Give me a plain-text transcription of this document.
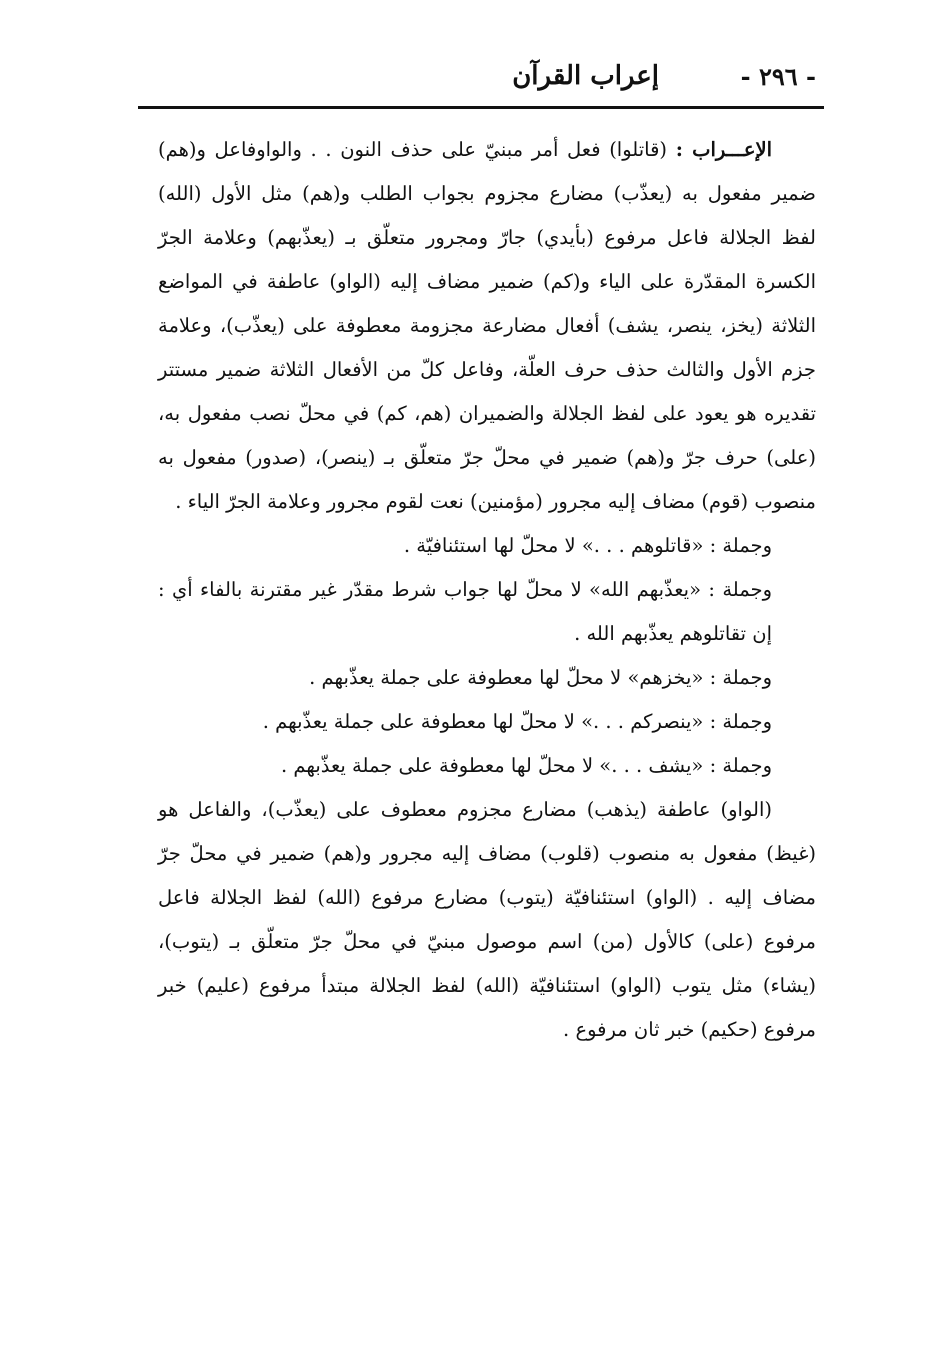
- ٢٩٦ -
إعراب القرآن

الإعـــراب : (قاتلوا) فعل أمر مبنيّ على حذف النون . . والواوفاعل و(هم) ضمير مفعول به (يعذّب) مضارع مجزوم بجواب الطلب و(هم) مثل الأول (الله) لفظ الجلالة فاعل مرفوع (بأيدي) جارّ ومجرور متعلّق بـ (يعذّبهم) وعلامة الجرّ الكسرة المقدّرة على الياء و(كم) ضمير مضاف إليه (الواو) عاطفة في المواضع الثلاثة (يخز، ينصر، يشف) أفعال مضارعة مجزومة معطوفة على (يعذّب)، وعلامة جزم الأول والثالث حذف حرف العلّة، وفاعل كلّ من الأفعال الثلاثة ضمير مستتر تقديره هو يعود على لفظ الجلالة والضميران (هم، كم) في محلّ نصب مفعول به، (على) حرف جرّ و(هم) ضمير في محلّ جرّ متعلّق بـ (ينصر)، (صدور) مفعول به منصوب (قوم) مضاف إليه مجرور (مؤمنين) نعت لقوم مجرور وعلامة الجرّ الياء .

وجملة : «قاتلوهم . . .» لا محلّ لها استئنافيّة .

وجملة : «يعذّبهم الله» لا محلّ لها جواب شرط مقدّر غير مقترنة بالفاء أي : إن تقاتلوهم يعذّبهم الله .

وجملة : «يخزهم» لا محلّ لها معطوفة على جملة يعذّبهم .

وجملة : «ينصركم . . .» لا محلّ لها معطوفة على جملة يعذّبهم .

وجملة : «يشف . . .» لا محلّ لها معطوفة على جملة يعذّبهم .

(الواو) عاطفة (يذهب) مضارع مجزوم معطوف على (يعذّب)، والفاعل هو (غيظ) مفعول به منصوب (قلوب) مضاف إليه مجرور و(هم) ضمير في محلّ جرّ مضاف إليه . (الواو) استئنافيّة (يتوب) مضارع مرفوع (الله) لفظ الجلالة فاعل مرفوع (على) كالأول (من) اسم موصول مبنيّ في محلّ جرّ متعلّق بـ (يتوب)، (يشاء) مثل يتوب (الواو) استئنافيّة (الله) لفظ الجلالة مبتدأ مرفوع (عليم) خبر مرفوع (حكيم) خبر ثان مرفوع .
